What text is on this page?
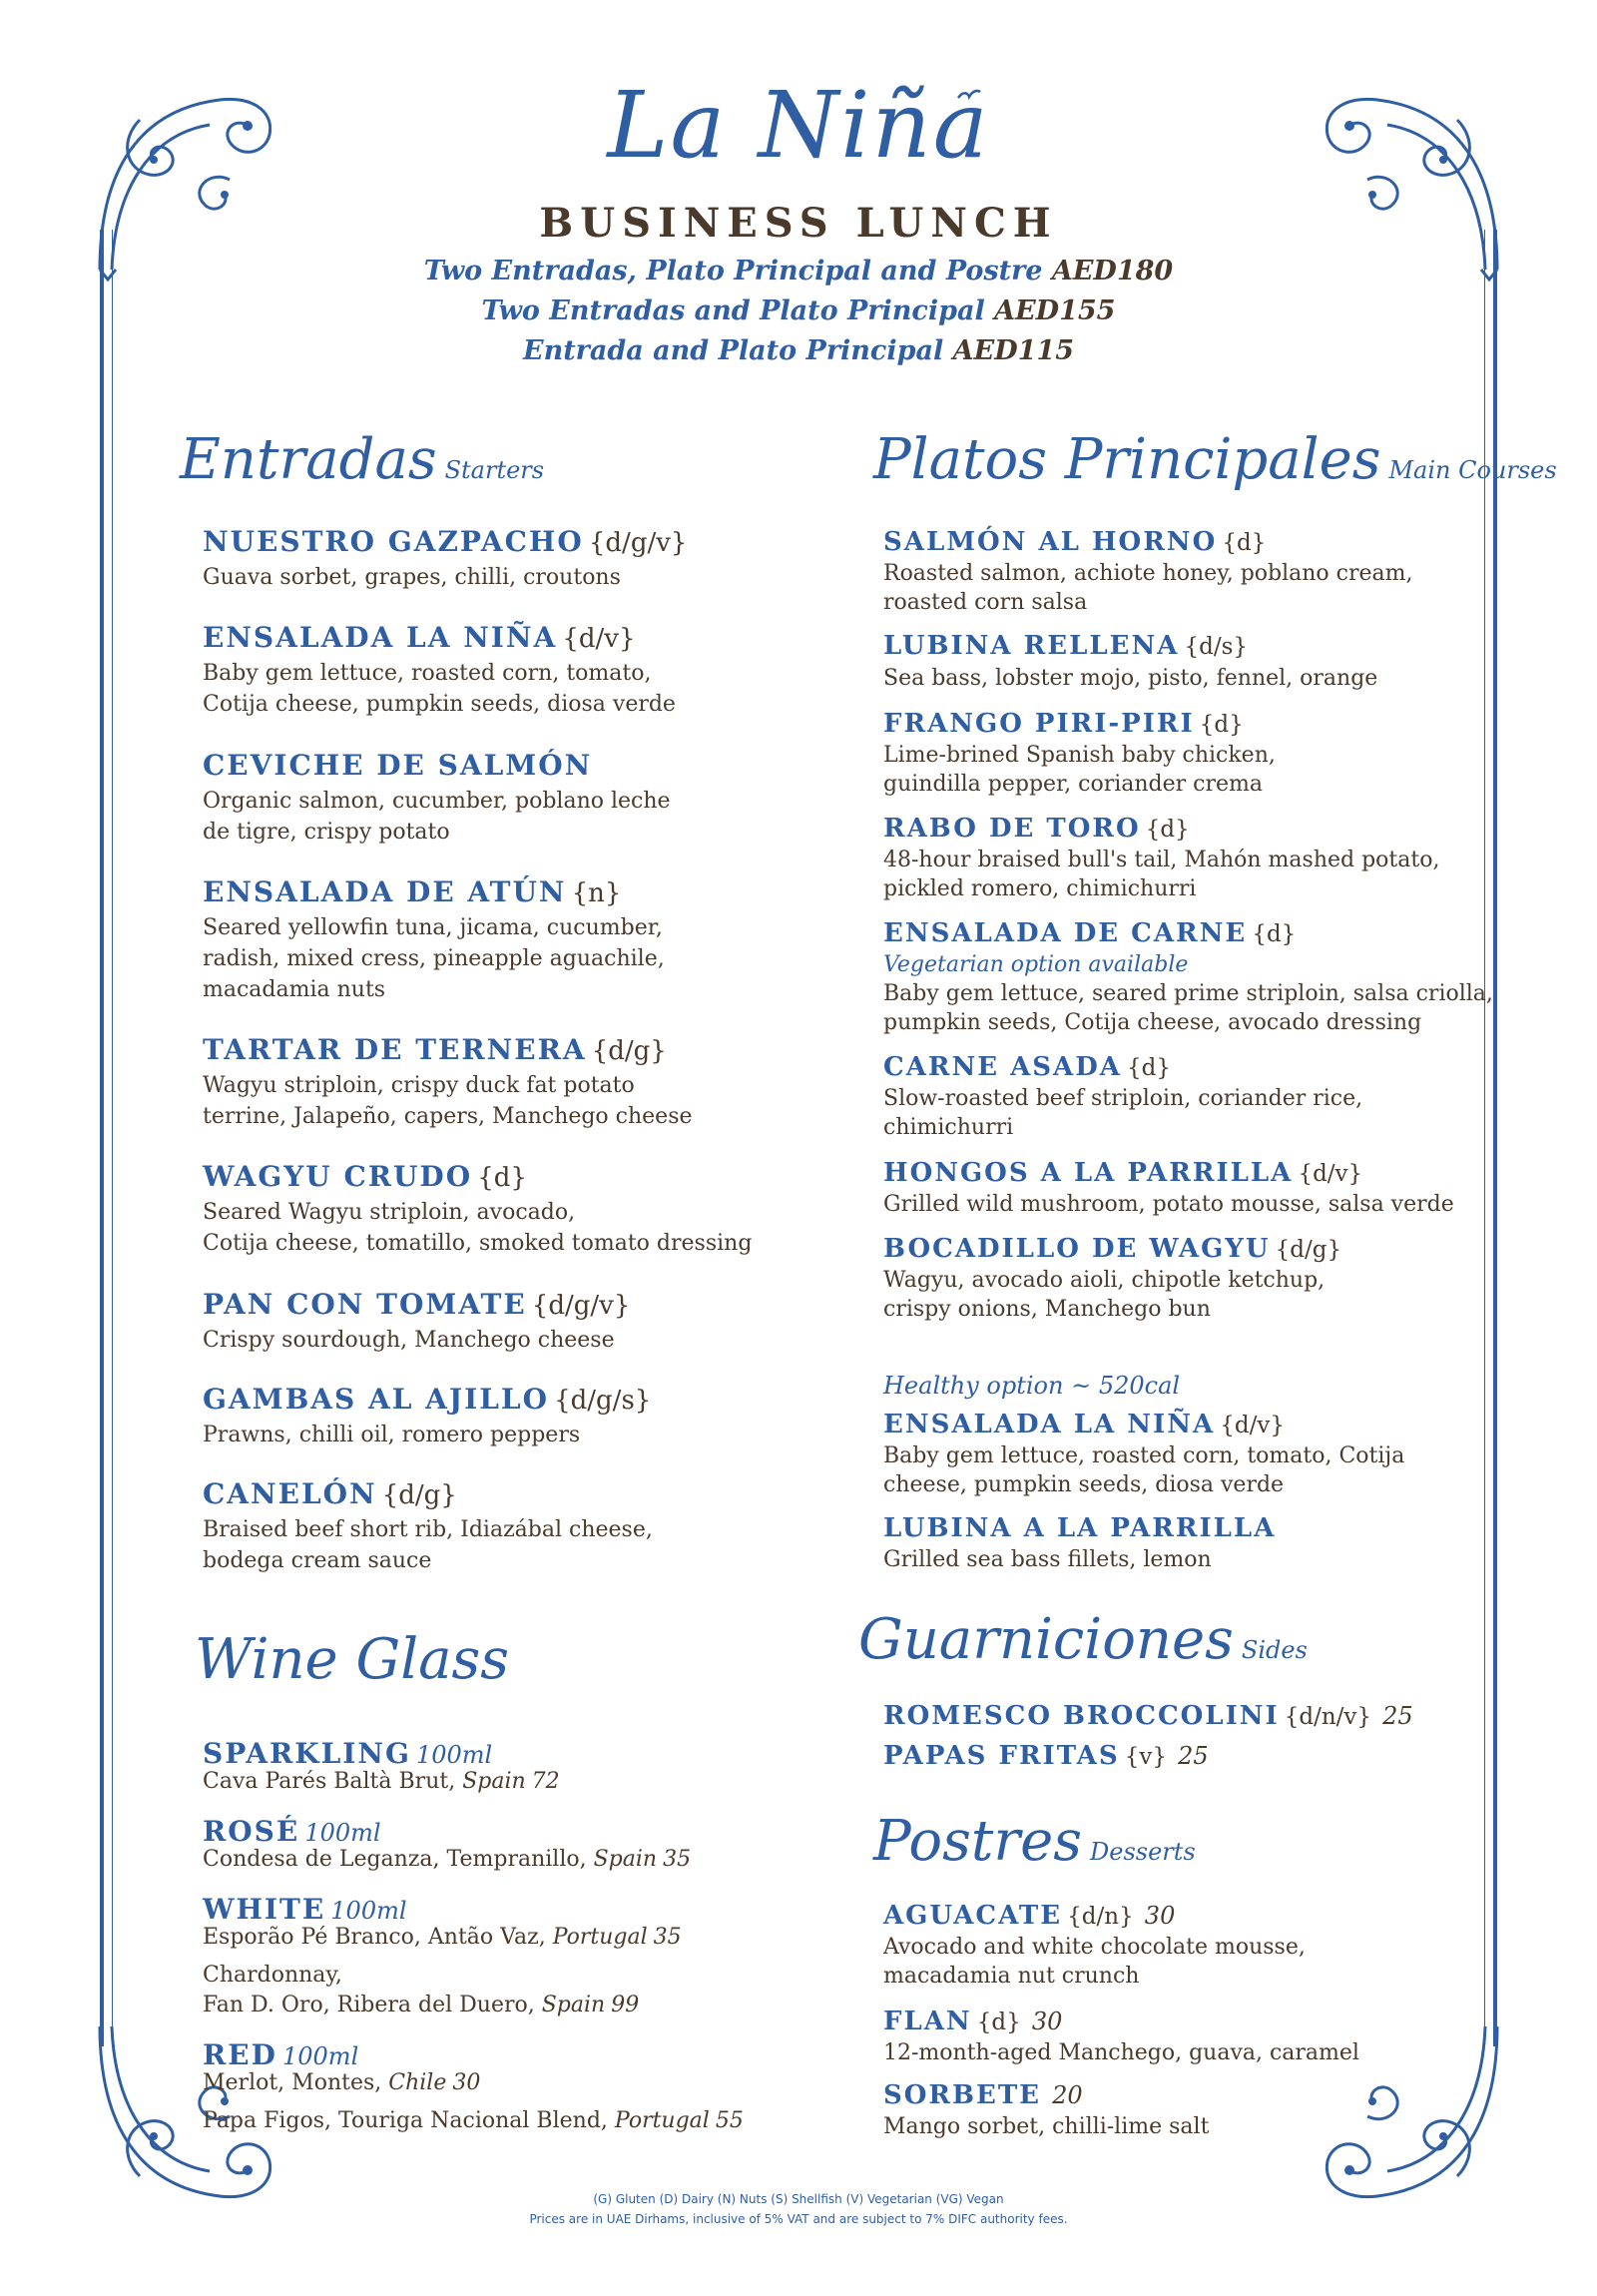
La Niña
BUSINESS LUNCH
Two Entradas, Plato Principal and Postre AED180
Two Entradas and Plato Principal AED155
Entrada and Plato Principal AED115
Entradas Starters
NUESTRO GAZPACHO {d/g/v}
Guava sorbet, grapes, chilli, croutons
ENSALADA LA NIÑA {d/v}
Baby gem lettuce, roasted corn, tomato,
Cotija cheese, pumpkin seeds, diosa verde
CEVICHE DE SALMÓN
Organic salmon, cucumber, poblano leche
de tigre, crispy potato
ENSALADA DE ATÚN {n}
Seared yellowfin tuna, jicama, cucumber,
radish, mixed cress, pineapple aguachile,
macadamia nuts
TARTAR DE TERNERA {d/g}
Wagyu striploin, crispy duck fat potato
terrine, Jalapeño, capers, Manchego cheese
WAGYU CRUDO {d}
Seared Wagyu striploin, avocado,
Cotija cheese, tomatillo, smoked tomato dressing
PAN CON TOMATE {d/g/v}
Crispy sourdough, Manchego cheese
GAMBAS AL AJILLO {d/g/s}
Prawns, chilli oil, romero peppers
CANELÓN {d/g}
Braised beef short rib, Idiazábal cheese,
bodega cream sauce
Wine Glass
SPARKLING 100ml
Cava Parés Baltà Brut, Spain 72
ROSÉ 100ml
Condesa de Leganza, Tempranillo, Spain 35
WHITE 100ml
Esporão Pé Branco, Antão Vaz, Portugal 35
Chardonnay,
Fan D. Oro, Ribera del Duero, Spain 99
RED 100ml
Merlot, Montes, Chile 30
Papa Figos, Touriga Nacional Blend, Portugal 55
Platos Principales Main Courses
SALMÓN AL HORNO {d}
Roasted salmon, achiote honey, poblano cream,
roasted corn salsa
LUBINA RELLENA {d/s}
Sea bass, lobster mojo, pisto, fennel, orange
FRANGO PIRI-PIRI {d}
Lime-brined Spanish baby chicken,
guindilla pepper, coriander crema
RABO DE TORO {d}
48-hour braised bull's tail, Mahón mashed potato,
pickled romero, chimichurri
ENSALADA DE CARNE {d}
Vegetarian option available
Baby gem lettuce, seared prime striploin, salsa criolla,
pumpkin seeds, Cotija cheese, avocado dressing
CARNE ASADA {d}
Slow-roasted beef striploin, coriander rice,
chimichurri
HONGOS A LA PARRILLA {d/v}
Grilled wild mushroom, potato mousse, salsa verde
BOCADILLO DE WAGYU {d/g}
Wagyu, avocado aioli, chipotle ketchup,
crispy onions, Manchego bun
Healthy option ~ 520cal
ENSALADA LA NIÑA {d/v}
Baby gem lettuce, roasted corn, tomato, Cotija
cheese, pumpkin seeds, diosa verde
LUBINA A LA PARRILLA
Grilled sea bass fillets, lemon
Guarniciones Sides
ROMESCO BROCCOLINI {d/n/v} 25
PAPAS FRITAS {v} 25
Postres Desserts
AGUACATE {d/n} 30
Avocado and white chocolate mousse,
macadamia nut crunch
FLAN {d} 30
12-month-aged Manchego, guava, caramel
SORBETE 20
Mango sorbet, chilli-lime salt
(G) Gluten (D) Dairy (N) Nuts (S) Shellfish (V) Vegetarian (VG) Vegan
Prices are in UAE Dirhams, inclusive of 5% VAT and are subject to 7% DIFC authority fees.
